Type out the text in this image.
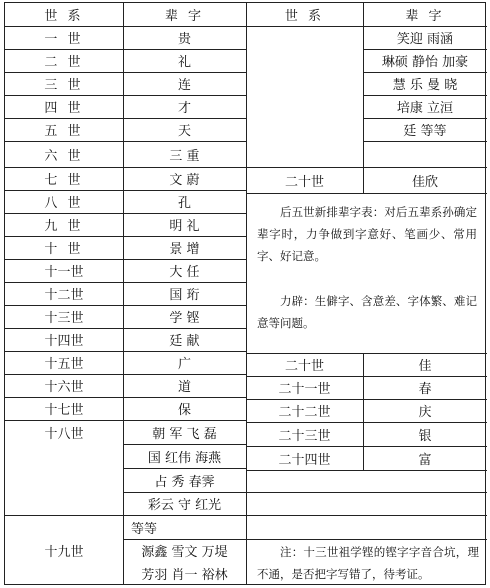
世 系	辈 字
一 世	贵
二 世	礼
三 世	连
四 世	才
五 世	天
六 世	三 重
七 世	文 蔚
八 世	孔
九 世	明 礼
十 世	景 增
十一世	大 任
十二世	国 珩
十三世	学 铿
十四世	廷 献
十五世	广
十六世	道
十七世	保
十八世	朝 军 飞 磊
国 红伟 海燕
占 秀 春霁
彩云 守 红光
等等
十九世	源鑫 雪文 万堤
芳羽 肖一 裕林
世 系	辈 字
笑迎 雨涵
琳硕 静怡 加豪
慧 乐 曼 晓
培康 立洹
廷 等等
二十世	佳欣
后五世新排辈字表：对后五辈系孙确定辈字时，力争做到字意好、笔画少、常用字、好记意。
力辟：生僻字、含意差、字体繁、难记意等问题。
二十世	佳
二十一世	春
二十二世	庆
二十三世	银
二十四世	富
注：十三世祖学铿的铿字字音合坑，理不通，是否把字写错了，待考证。
